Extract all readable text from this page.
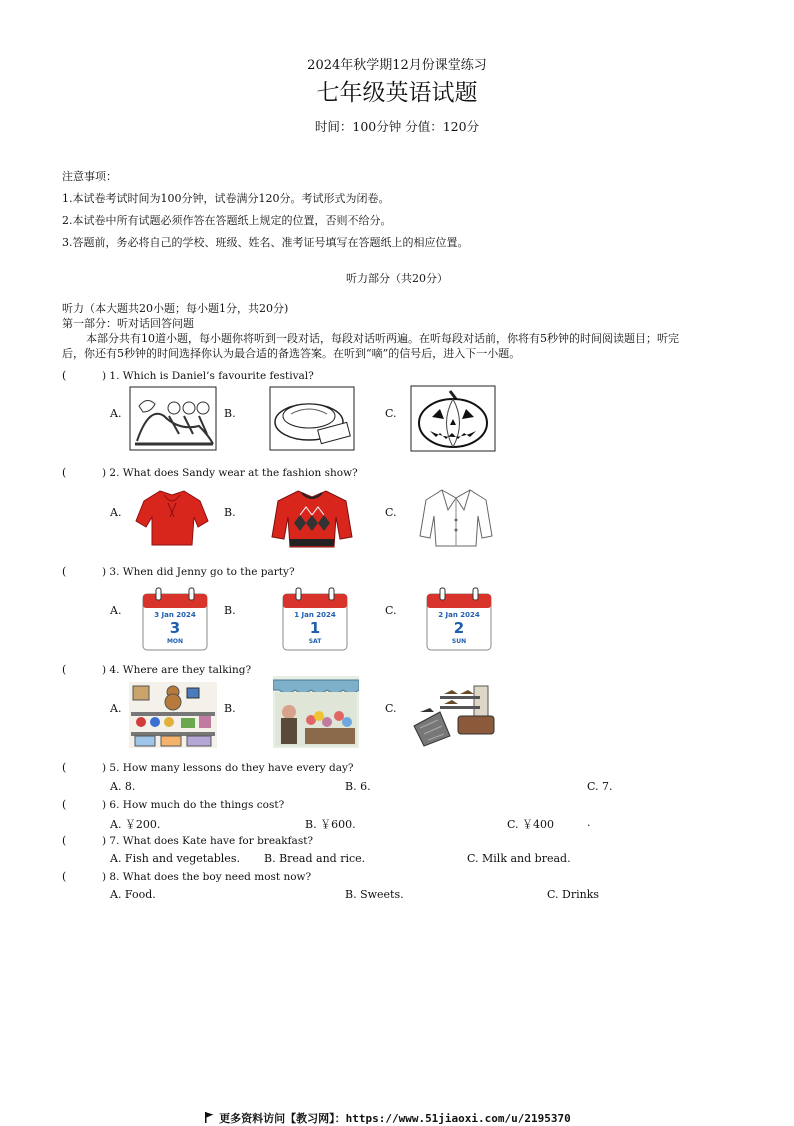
2024年秋学期12月份课堂练习
七年级英语试题
时间：100分钟 分值：120分
注意事项：
1.本试卷考试时间为100分钟，试卷满分120分。考试形式为闭卷。
2.本试卷中所有试题必须作答在答题纸上规定的位置，否则不给分。
3.答题前，务必将自己的学校、班级、姓名、准考证号填写在答题纸上的相应位置。
听力部分（共20分）
听力（本大题共20小题；每小题1分，共20分)
第一部分：听对话回答问题
本部分共有10道小题，每小题你将听到一段对话，每段对话听两遍。在听每段对话前，你将有5秒钟的时间阅读题目；听完
后，你还有5秒钟的时间选择你认为最合适的备选答案。在听到“嘀”的信号后，进入下一小题。
(	) 1. Which is Daniel’s favourite festival?
A.	B.	C.
(	) 2. What does Sandy wear at the fashion show?
A.	B.	C.
(	) 3. When did Jenny go to the party?
A.	B.	C.
3 Jan 2024
3
MON
1 Jan 2024
1
SAT
2 Jan 2024
2
SUN
(	) 4. Where are they talking?
A.	B.	C.
(	) 5. How many lessons do they have every day?
A. 8.	B. 6.	C. 7.
(	) 6. How much do the things cost?
A. ￥200.	B. ￥600.	C. ￥400	.
(	) 7. What does Kate have for breakfast?
A. Fish and vegetables. B. Bread and rice.	C. Milk and bread.
(	) 8. What does the boy need most now?
A. Food.	B. Sweets.	C. Drinks
更多资料访问【教习网】：https://www.51jiaoxi.com/u/2195370
